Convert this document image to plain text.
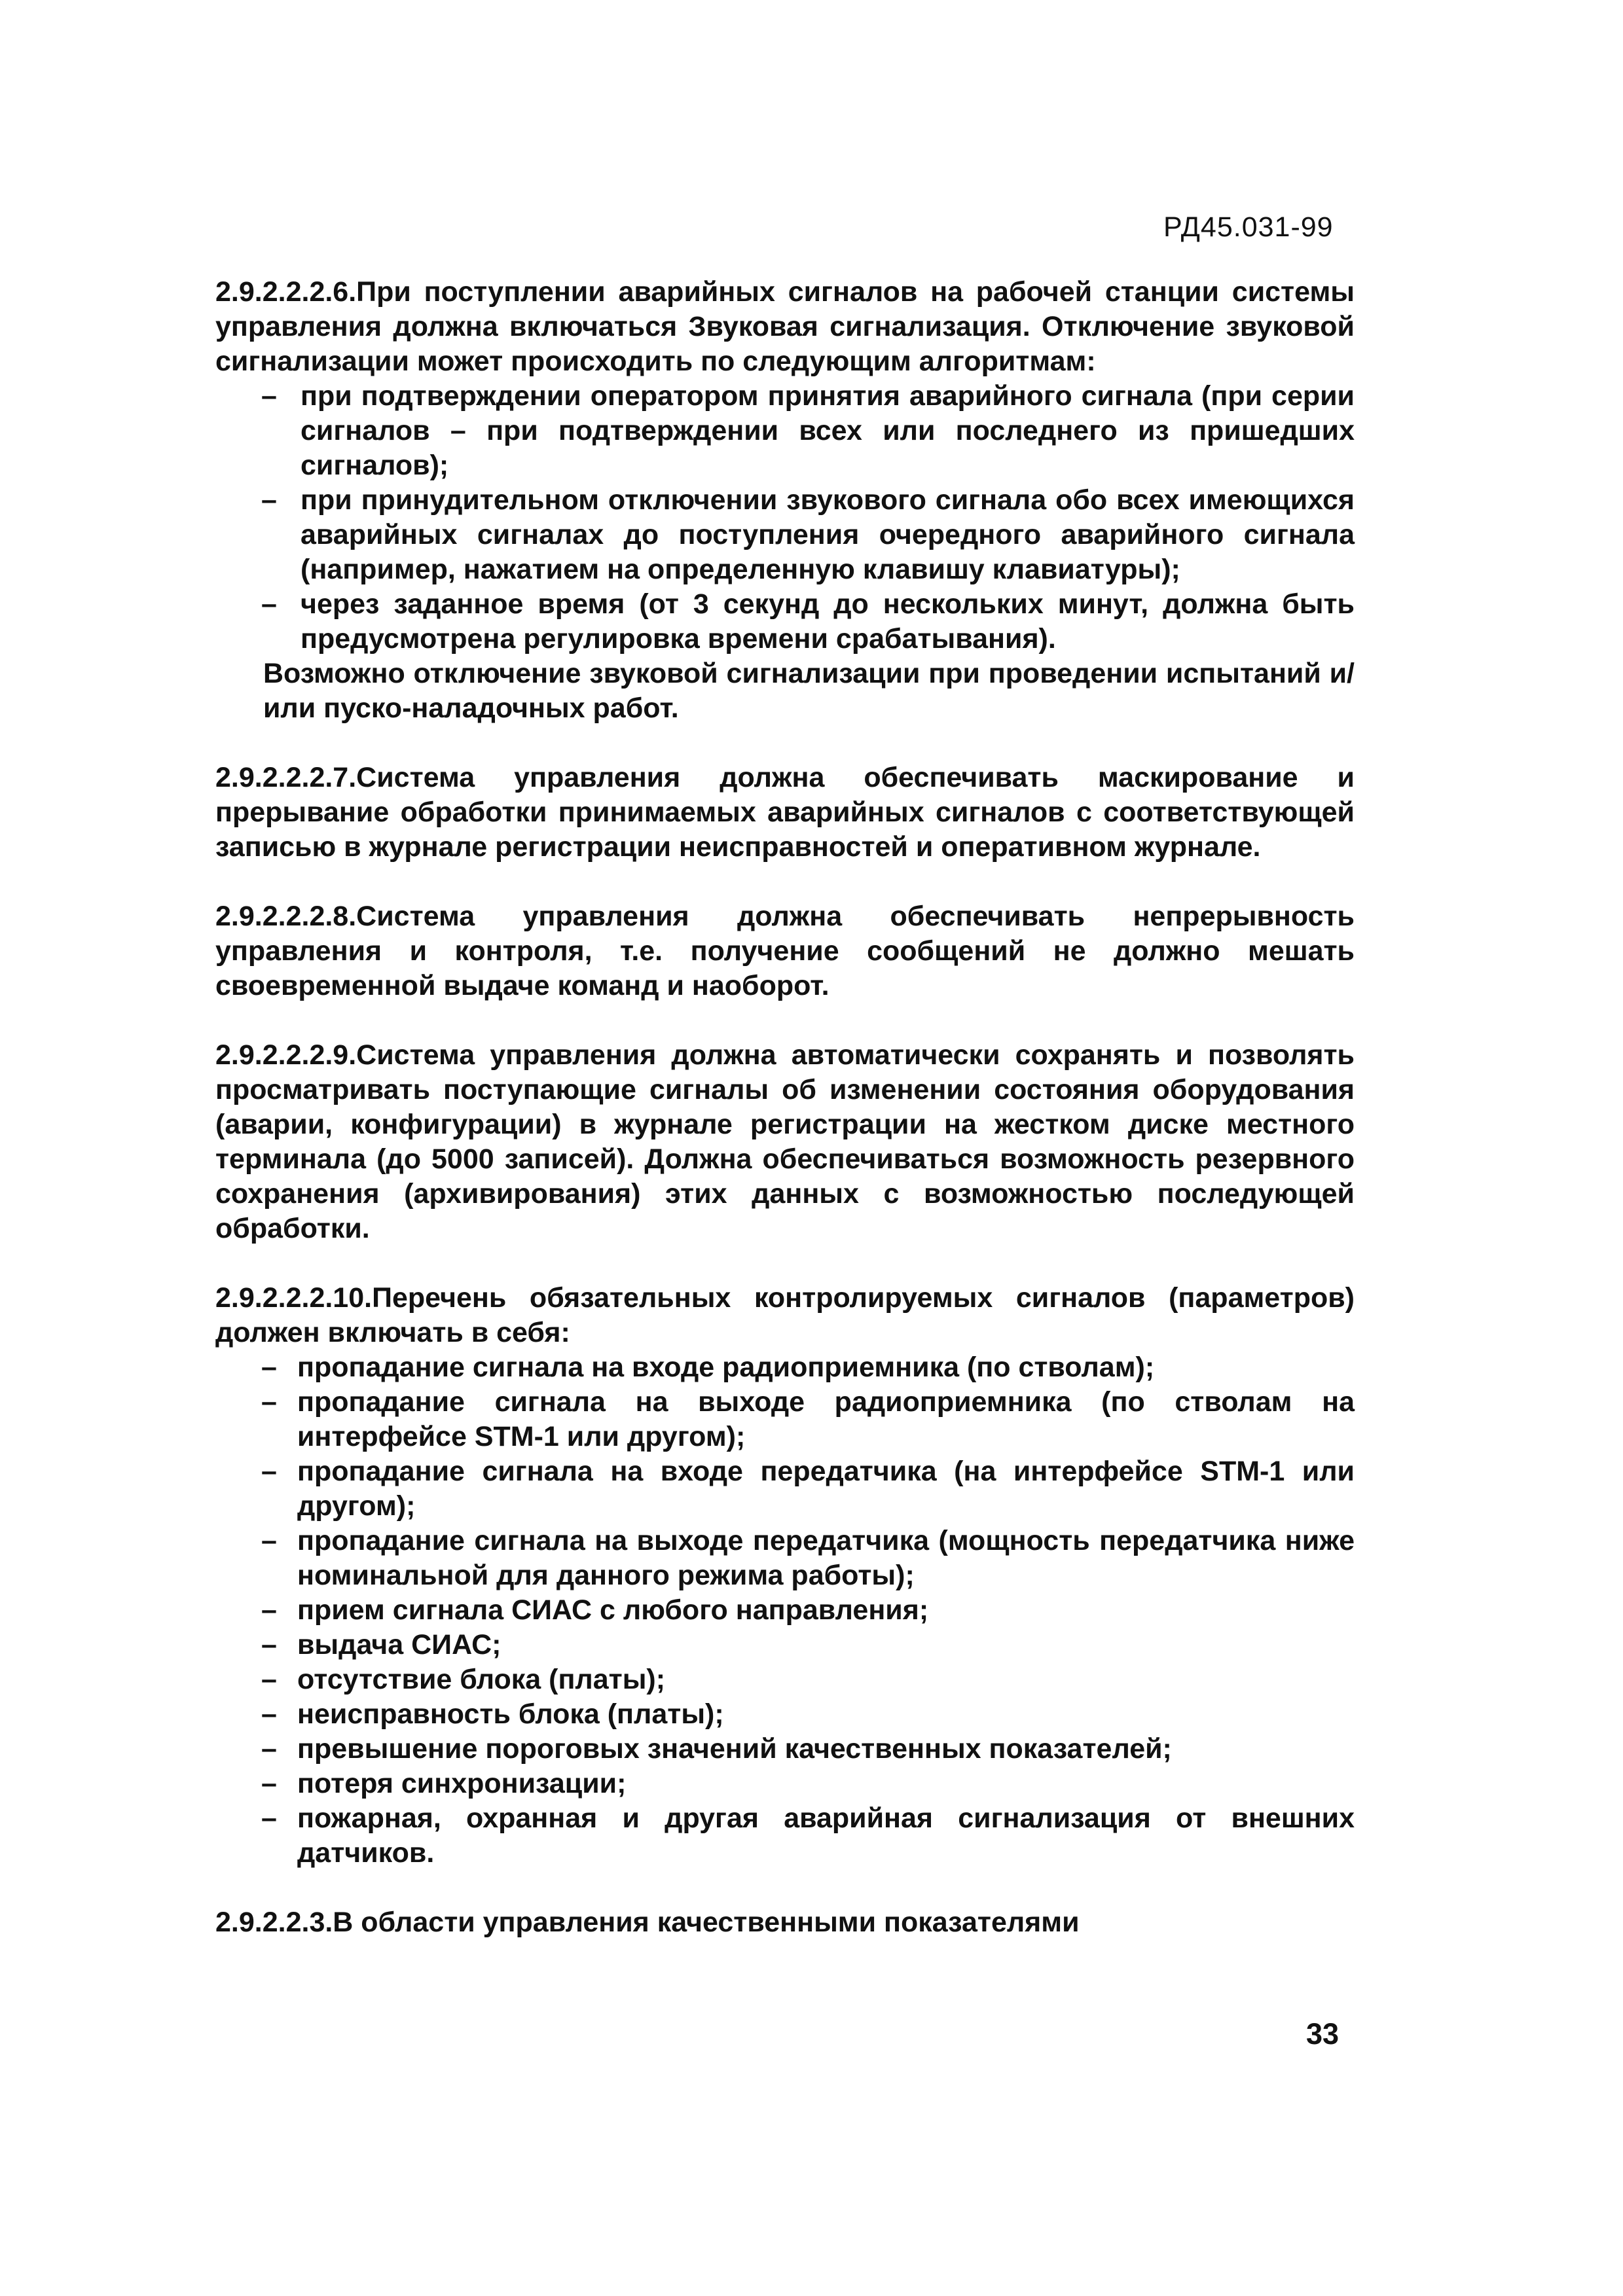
РД45.031-99

2.9.2.2.2.6.При поступлении аварийных сигналов на рабочей станции системы управления должна включаться Звуковая сигнализация. Отключение звуковой сигнализации может происходить по следующим алгоритмам:

– при подтверждении оператором принятия аварийного сигнала (при серии сигналов – при подтверждении всех или последнего из пришедших сигналов);
– при принудительном отключении звукового сигнала обо всех имеющихся аварийных сигналах до поступления очередного аварийного сигнала (например, нажатием на определенную клавишу клавиатуры);
– через заданное время (от 3 секунд до нескольких минут, должна быть предусмотрена регулировка времени срабатывания).

Возможно отключение звуковой сигнализации при проведении испытаний и/или пуско-наладочных работ.

2.9.2.2.2.7.Система управления должна обеспечивать маскирование и прерывание обработки принимаемых аварийных сигналов с соответствующей записью в журнале регистрации неисправностей и оперативном журнале.

2.9.2.2.2.8.Система управления должна обеспечивать непрерывность управления и контроля, т.е. получение сообщений не должно мешать своевременной выдаче команд и наоборот.

2.9.2.2.2.9.Система управления должна автоматически сохранять и позволять просматривать поступающие сигналы об изменении состояния оборудования (аварии, конфигурации) в журнале регистрации на жестком диске местного терминала (до 5000 записей). Должна обеспечиваться возможность резервного сохранения (архивирования) этих данных с возможностью последующей обработки.

2.9.2.2.2.10.Перечень обязательных контролируемых сигналов (параметров) должен включать в себя:

– пропадание сигнала на входе радиоприемника (по стволам);
– пропадание сигнала на выходе радиоприемника (по стволам на интерфейсе STM-1 или другом);
– пропадание сигнала на входе передатчика (на интерфейсе STM-1 или другом);
– пропадание сигнала на выходе передатчика (мощность передатчика ниже номинальной для данного режима работы);
– прием сигнала СИАС с любого направления;
– выдача СИАС;
– отсутствие блока (платы);
– неисправность блока (платы);
– превышение пороговых значений качественных показателей;
– потеря синхронизации;
– пожарная, охранная и другая аварийная сигнализация от внешних датчиков.

2.9.2.2.3.В области управления качественными показателями

33
